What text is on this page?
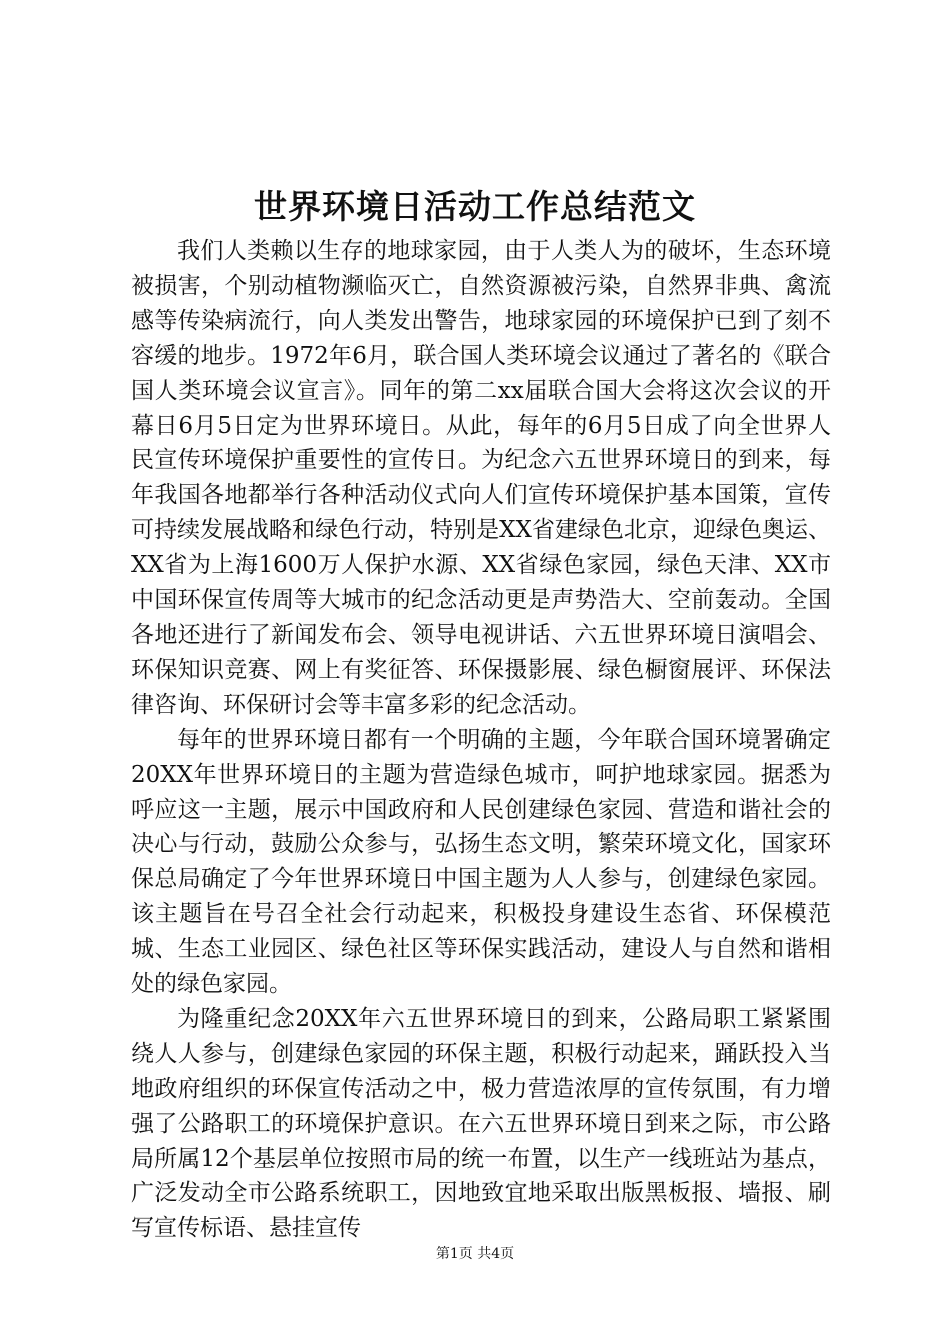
世界环境日活动工作总结范文

我们人类赖以生存的地球家园，由于人类人为的破坏，生态环境被损害，个别动植物濒临灭亡，自然资源被污染，自然界非典、禽流感等传染病流行，向人类发出警告，地球家园的环境保护已到了刻不容缓的地步。1972年6月，联合国人类环境会议通过了著名的《联合国人类环境会议宣言》。同年的第二xx届联合国大会将这次会议的开幕日6月5日定为世界环境日。从此，每年的6月5日成了向全世界人民宣传环境保护重要性的宣传日。为纪念六五世界环境日的到来，每年我国各地都举行各种活动仪式向人们宣传环境保护基本国策，宣传可持续发展战略和绿色行动，特别是XX省建绿色北京，迎绿色奥运、XX省为上海1600万人保护水源、XX省绿色家园，绿色天津、XX市中国环保宣传周等大城市的纪念活动更是声势浩大、空前轰动。全国各地还进行了新闻发布会、领导电视讲话、六五世界环境日演唱会、环保知识竞赛、网上有奖征答、环保摄影展、绿色橱窗展评、环保法律咨询、环保研讨会等丰富多彩的纪念活动。

每年的世界环境日都有一个明确的主题，今年联合国环境署确定20XX年世界环境日的主题为营造绿色城市，呵护地球家园。据悉为呼应这一主题，展示中国政府和人民创建绿色家园、营造和谐社会的决心与行动，鼓励公众参与，弘扬生态文明，繁荣环境文化，国家环保总局确定了今年世界环境日中国主题为人人参与，创建绿色家园。该主题旨在号召全社会行动起来，积极投身建设生态省、环保模范城、生态工业园区、绿色社区等环保实践活动，建设人与自然和谐相处的绿色家园。

为隆重纪念20XX年六五世界环境日的到来，公路局职工紧紧围绕人人参与，创建绿色家园的环保主题，积极行动起来，踊跃投入当地政府组织的环保宣传活动之中，极力营造浓厚的宣传氛围，有力增强了公路职工的环境保护意识。在六五世界环境日到来之际，市公路局所属12个基层单位按照市局的统一布置，以生产一线班站为基点，广泛发动全市公路系统职工，因地致宜地采取出版黑板报、墙报、刷写宣传标语、悬挂宣传

第1页 共4页
